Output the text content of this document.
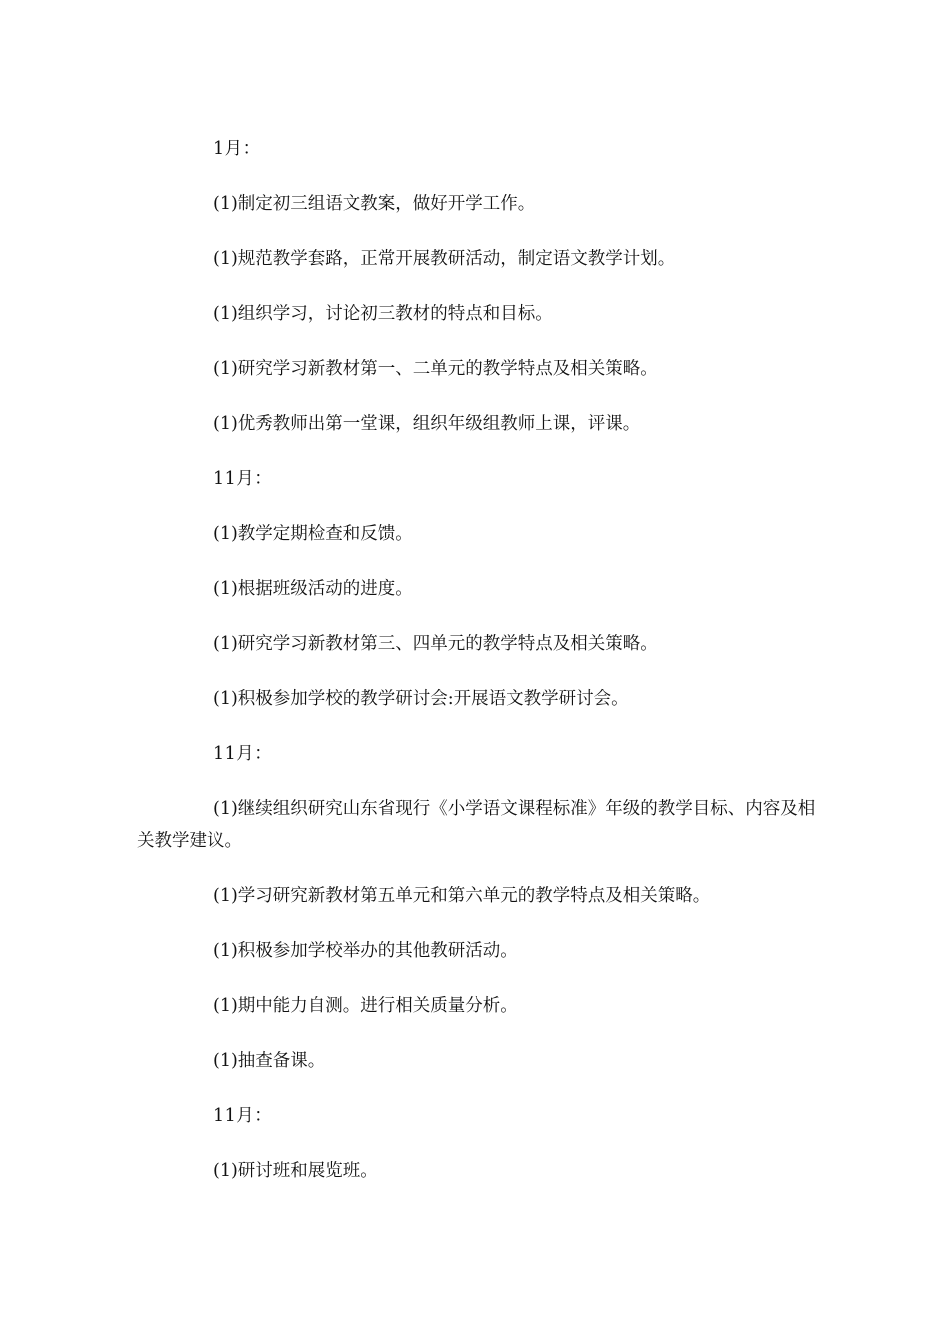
1月：

(1)制定初三组语文教案，做好开学工作。

(1)规范教学套路，正常开展教研活动，制定语文教学计划。

(1)组织学习，讨论初三教材的特点和目标。

(1)研究学习新教材第一、二单元的教学特点及相关策略。

(1)优秀教师出第一堂课，组织年级组教师上课，评课。

11月：

(1)教学定期检查和反馈。

(1)根据班级活动的进度。

(1)研究学习新教材第三、四单元的教学特点及相关策略。

(1)积极参加学校的教学研讨会:开展语文教学研讨会。

11月：

(1)继续组织研究山东省现行《小学语文课程标准》年级的教学目标、内容及相关教学建议。

(1)学习研究新教材第五单元和第六单元的教学特点及相关策略。

(1)积极参加学校举办的其他教研活动。

(1)期中能力自测。进行相关质量分析。

(1)抽查备课。

11月：

(1)研讨班和展览班。
